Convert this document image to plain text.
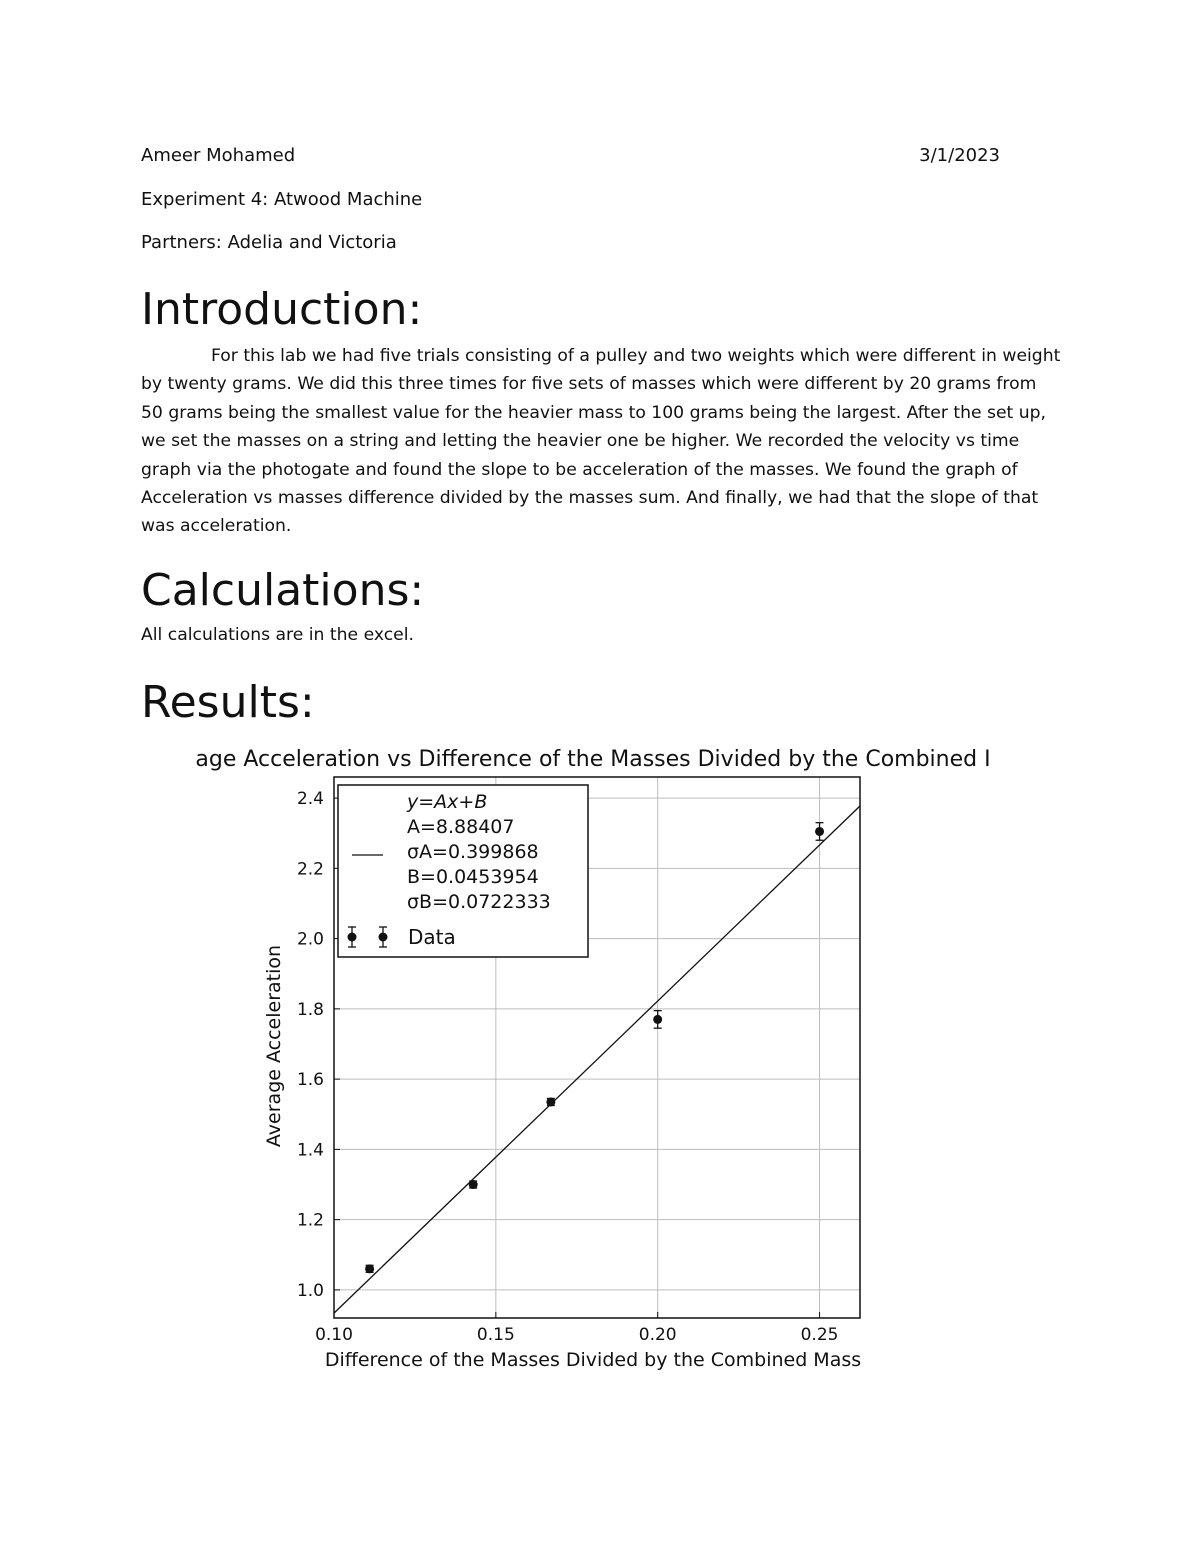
Ameer Mohamed	3/1/2023
Experiment 4: Atwood Machine
Partners: Adelia and Victoria
Introduction:

For this lab we had five trials consisting of a pulley and two weights which were different in weight by twenty grams. We did this three times for five sets of masses which were different by 20 grams from 50 grams being the smallest value for the heavier mass to 100 grams being the largest. After the set up, we set the masses on a string and letting the heavier one be higher. We recorded the velocity vs time graph via the photogate and found the slope to be acceleration of the masses. We found the graph of Acceleration vs masses difference divided by the masses sum. And finally, we had that the slope of that was acceleration.

Calculations:
All calculations are in the excel.
Results:
age Acceleration vs Difference of the Masses Divided by the Combined I
0.10	0.15	0.20	0.25
1.0
1.2
1.4
1.6
1.8
2.0
2.2
2.4
Difference of the Masses Divided by the Combined Mass
Average Acceleration
y=Ax+B
A=8.88407
σA=0.399868
B=0.0453954
σB=0.0722333
Data
